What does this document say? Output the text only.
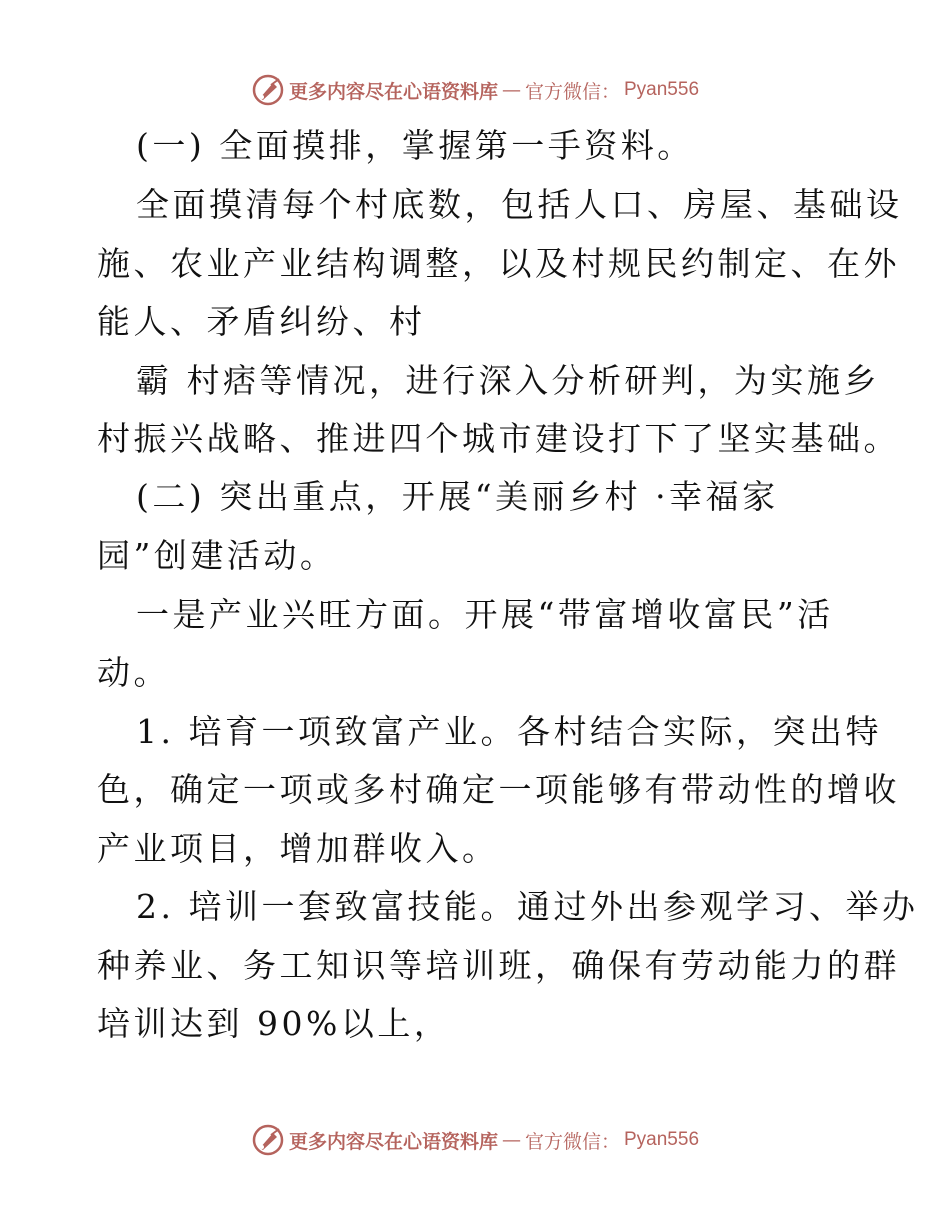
更多内容尽在心语资料库 — 官方微信： Pyan556
(一) 全面摸排，掌握第一手资料。
全面摸清每个村底数，包括人口、房屋、基础设
施、农业产业结构调整，以及村规民约制定、在外
能人、矛盾纠纷、村
霸 村痞等情况，进行深入分析研判，为实施乡
村振兴战略、推进四个城市建设打下了坚实基础。
(二) 突出重点，开展“美丽乡村 ·幸福家
园”创建活动。
一是产业兴旺方面。开展“带富增收富民”活
动。
1. 培育一项致富产业。各村结合实际，突出特
色，确定一项或多村确定一项能够有带动性的增收
产业项目，增加群收入。
2. 培训一套致富技能。通过外出参观学习、举办
种养业、务工知识等培训班，确保有劳动能力的群
培训达到 90%以上，
更多内容尽在心语资料库 — 官方微信： Pyan556
